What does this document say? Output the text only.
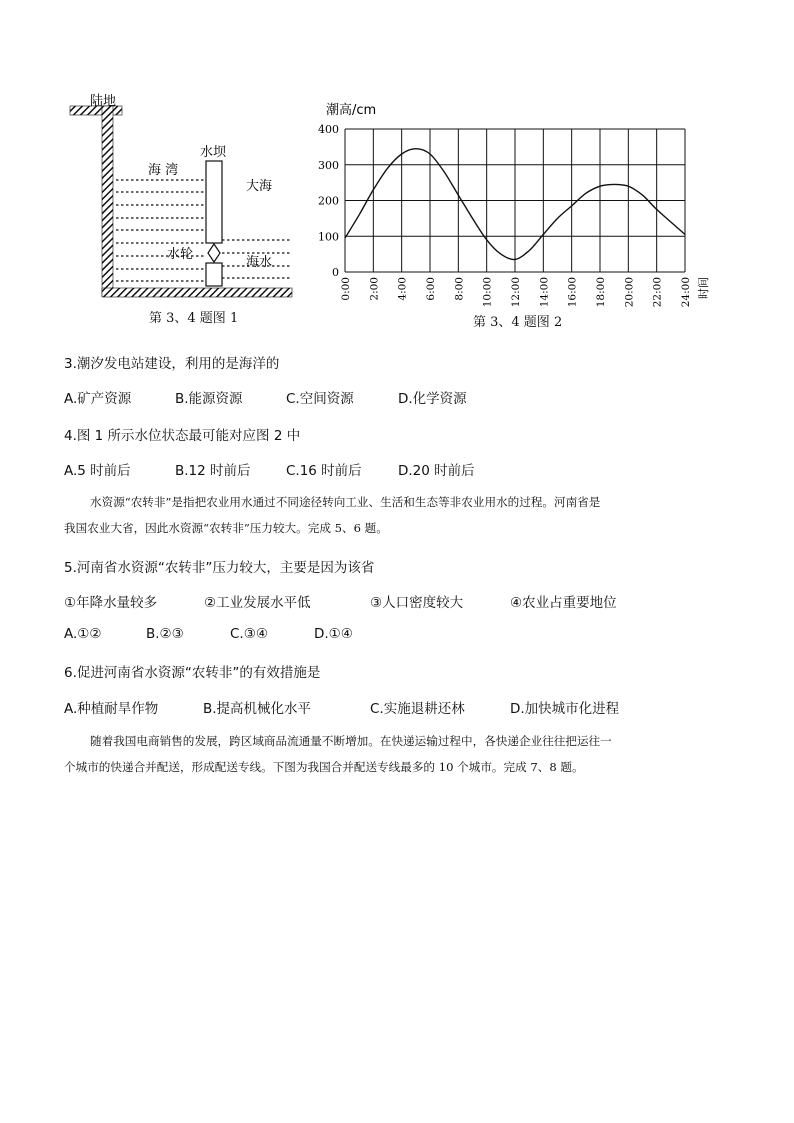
陆地
海 湾
水坝
大海
水轮
海水
第 3、4 题图 1
400
300
200
100
0
0:00 2:00 4:00 6:00 8:00 10:00 12:00 14:00 16:00 18:00 20:00 22:00 24:00
潮高/cm
时间
第 3、4 题图 2
3.潮汐发电站建设，利用的是海洋的
A.矿产资源	B.能源资源	C.空间资源	D.化学资源
4.图 1 所示水位状态最可能对应图 2 中
A.5 时前后	B.12 时前后	C.16 时前后	D.20 时前后
水资源“农转非”是指把农业用水通过不同途径转向工业、生活和生态等非农业用水的过程。河南省是
我国农业大省，因此水资源“农转非”压力较大。完成 5、6 题。
5.河南省水资源“农转非”压力较大，主要是因为该省
①年降水量较多	②工业发展水平低	③人口密度较大	④农业占重要地位
A.①②	B.②③	C.③④	D.①④
6.促进河南省水资源“农转非”的有效措施是
A.种植耐旱作物	B.提高机械化水平	C.实施退耕还林	D.加快城市化进程
随着我国电商销售的发展，跨区域商品流通量不断增加。在快递运输过程中，各快递企业往往把运往一
个城市的快递合并配送，形成配送专线。下图为我国合并配送专线最多的 10 个城市。完成 7、8 题。
